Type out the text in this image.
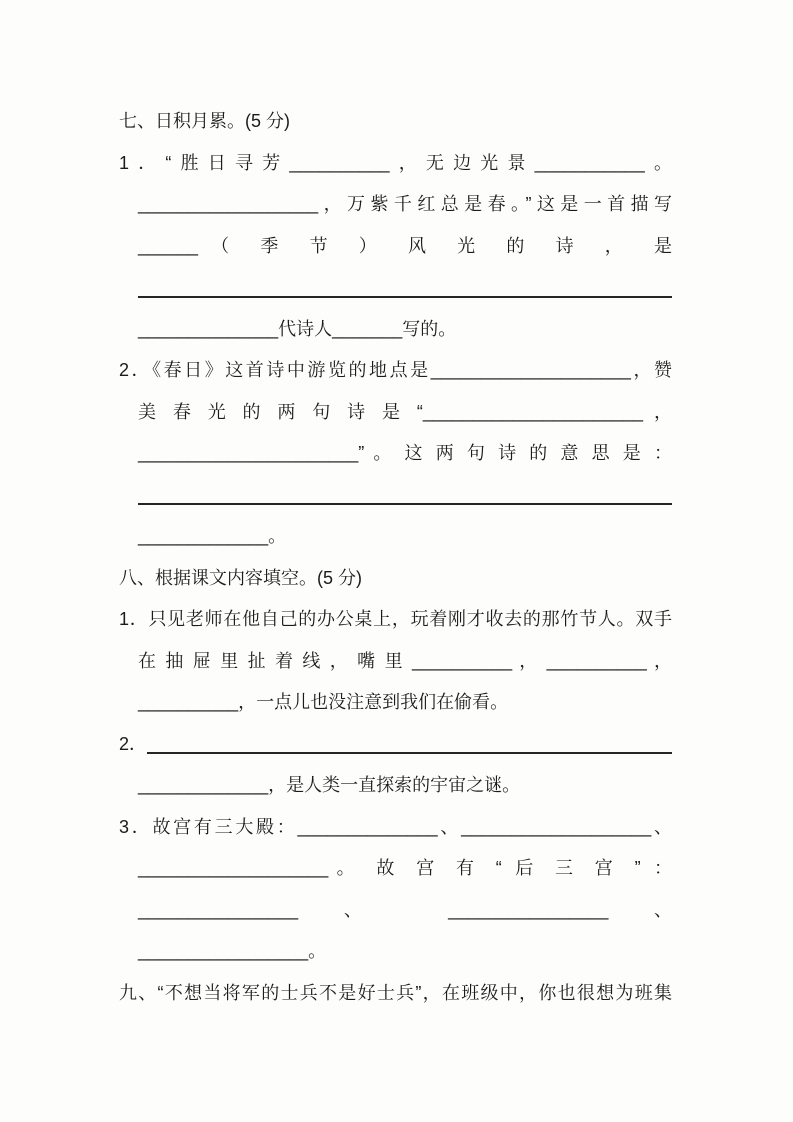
七、日积月累。(5 分)
1．“胜日寻芳__________，无边光景___________。
__________________，万紫千红总是春。”这是一首描写
______（ 季 节 ） 风 光 的 诗 ， 是
______________代诗人_______写的。
2．《春日》这首诗中游览的地点是____________________，赞
美 春 光 的 两 句 诗 是 “______________________ ，
______________________” 。 这 两 句 诗 的 意 思 是 ：
_____________。
八、根据课文内容填空。(5 分)
1．只见老师在他自己的办公桌上，玩着刚才收去的那竹节人。双手
在 抽 屉 里 扯 着 线 ， 嘴 里 __________ ， __________ ，
__________，一点儿也没注意到我们在偷看。
2．
_____________，是人类一直探索的宇宙之谜。
3．故宫有三大殿：______________、___________________、
___________________。 故 宫 有 “ 后 三 宫 ” ：
________________ 、 ________________ 、
_________________。
九、“不想当将军的士兵不是好士兵”，在班级中，你也很想为班集
